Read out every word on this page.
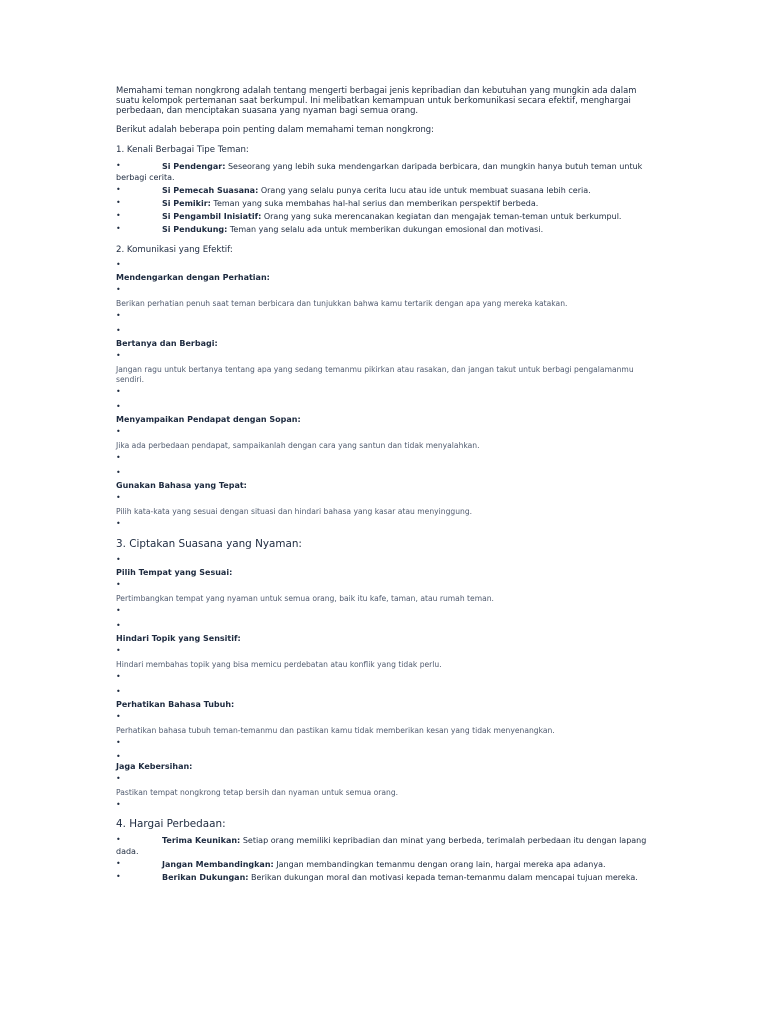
Memahami teman nongkrong adalah tentang mengerti berbagai jenis kepribadian dan kebutuhan yang mungkin ada dalam suatu kelompok pertemanan saat berkumpul. Ini melibatkan kemampuan untuk berkomunikasi secara efektif, menghargai perbedaan, dan menciptakan suasana yang nyaman bagi semua orang.

Berikut adalah beberapa poin penting dalam memahami teman nongkrong:

1. Kenali Berbagai Tipe Teman:

•	Si Pendengar: Seseorang yang lebih suka mendengarkan daripada berbicara, dan mungkin hanya butuh teman untuk berbagi cerita.
•	Si Pemecah Suasana: Orang yang selalu punya cerita lucu atau ide untuk membuat suasana lebih ceria.
•	Si Pemikir: Teman yang suka membahas hal-hal serius dan memberikan perspektif berbeda.
•	Si Pengambil Inisiatif: Orang yang suka merencanakan kegiatan dan mengajak teman-teman untuk berkumpul.
•	Si Pendukung: Teman yang selalu ada untuk memberikan dukungan emosional dan motivasi.

2. Komunikasi yang Efektif:

•

Mendengarkan dengan Perhatian:

•

Berikan perhatian penuh saat teman berbicara dan tunjukkan bahwa kamu tertarik dengan apa yang mereka katakan.

•
•

Bertanya dan Berbagi:

•

Jangan ragu untuk bertanya tentang apa yang sedang temanmu pikirkan atau rasakan, dan jangan takut untuk berbagi pengalamanmu sendiri.

•
•

Menyampaikan Pendapat dengan Sopan:

•

Jika ada perbedaan pendapat, sampaikanlah dengan cara yang santun dan tidak menyalahkan.

•
•

Gunakan Bahasa yang Tepat:

•

Pilih kata-kata yang sesuai dengan situasi dan hindari bahasa yang kasar atau menyinggung.

•

3. Ciptakan Suasana yang Nyaman:

•

Pilih Tempat yang Sesuai:

•

Pertimbangkan tempat yang nyaman untuk semua orang, baik itu kafe, taman, atau rumah teman.

•
•

Hindari Topik yang Sensitif:

•

Hindari membahas topik yang bisa memicu perdebatan atau konflik yang tidak perlu.

•
•

Perhatikan Bahasa Tubuh:

•

Perhatikan bahasa tubuh teman-temanmu dan pastikan kamu tidak memberikan kesan yang tidak menyenangkan.

•
•

Jaga Kebersihan:

•

Pastikan tempat nongkrong tetap bersih dan nyaman untuk semua orang.

•

4. Hargai Perbedaan:

•	Terima Keunikan: Setiap orang memiliki kepribadian dan minat yang berbeda, terimalah perbedaan itu dengan lapang dada.
•	Jangan Membandingkan: Jangan membandingkan temanmu dengan orang lain, hargai mereka apa adanya.
•	Berikan Dukungan: Berikan dukungan moral dan motivasi kepada teman-temanmu dalam mencapai tujuan mereka.
